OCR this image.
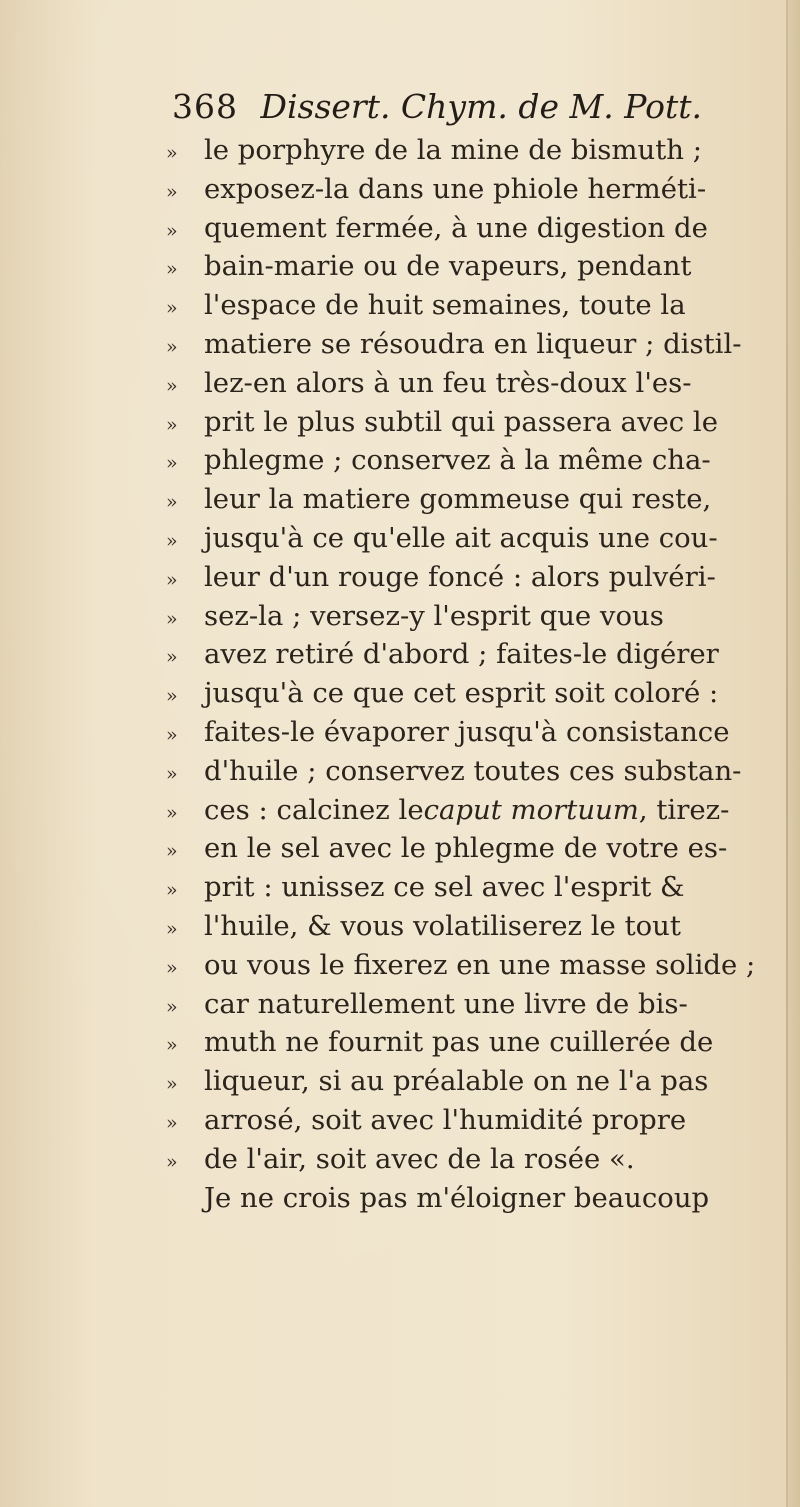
368 Dissert. Chym. de M. Pott.
» le porphyre de la mine de bismuth ;
» exposez-la dans une phiole herméti-
» quement fermée, à une digestion de
» bain-marie ou de vapeurs, pendant
» l'espace de huit semaines, toute la
» matiere se résoudra en liqueur ; distil-
» lez-en alors à un feu très-doux l'es-
» prit le plus subtil qui passera avec le
» phlegme ; conservez à la même cha-
» leur la matiere gommeuse qui reste,
» jusqu'à ce qu'elle ait acquis une cou-
» leur d'un rouge foncé : alors pulvéri-
» sez-la ; versez-y l'esprit que vous
» avez retiré d'abord ; faites-le digérer
» jusqu'à ce que cet esprit soit coloré :
» faites-le évaporer jusqu'à consistance
» d'huile ; conservez toutes ces substan-
» ces : calcinez le caput mortuum , tirez-
» en le sel avec le phlegme de votre es-
» prit : unissez ce sel avec l'esprit &
» l'huile, & vous volatiliserez le tout
» ou vous le fixerez en une masse solide ;
» car naturellement une livre de bis-
» muth ne fournit pas une cuillerée de
» liqueur, si au préalable on ne l'a pas
» arrosé, soit avec l'humidité propre
» de l'air, soit avec de la rosée «.
Je ne crois pas m'éloigner beaucoup
